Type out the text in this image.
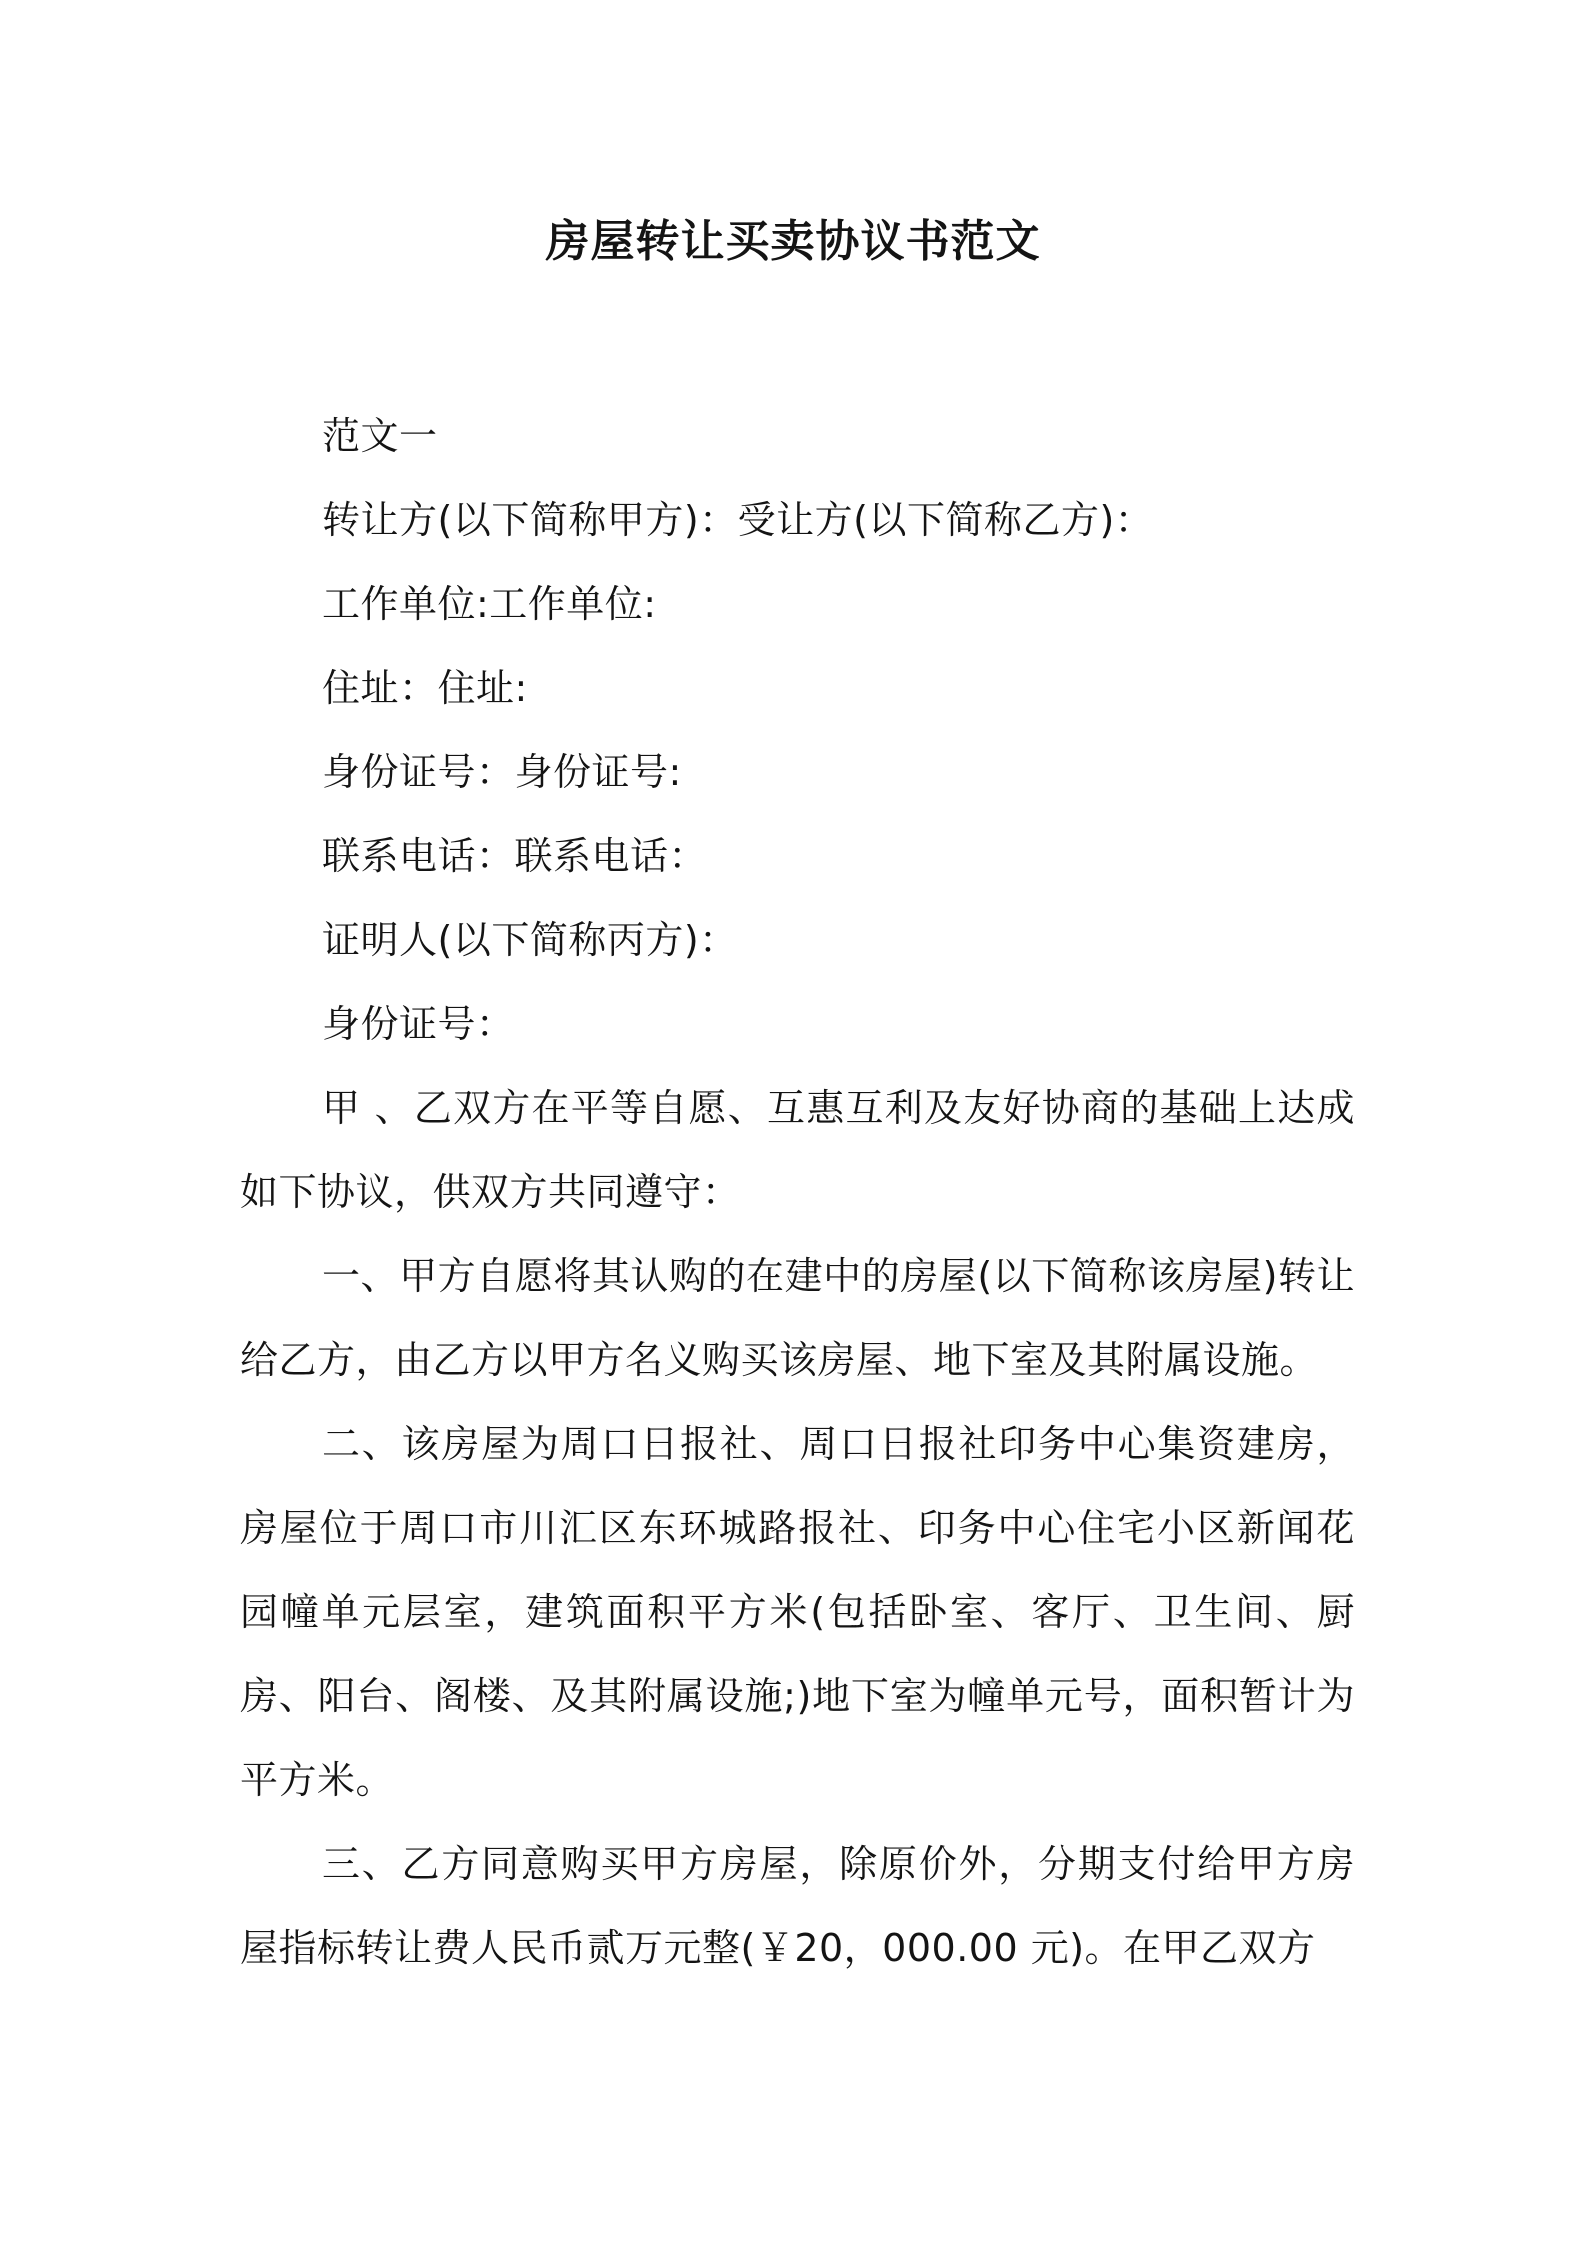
房屋转让买卖协议书范文
范文一
转让方(以下简称甲方)：受让方(以下简称乙方)：
工作单位:工作单位:
住址：住址:
身份证号：身份证号:
联系电话：联系电话：
证明人(以下简称丙方)：
身份证号：

甲 、乙双方在平等自愿、互惠互利及友好协商的基础上达成如下协议，供双方共同遵守：

一、甲方自愿将其认购的在建中的房屋(以下简称该房屋)转让给乙方，由乙方以甲方名义购买该房屋、地下室及其附属设施。

二、该房屋为周口日报社、周口日报社印务中心集资建房，房屋位于周口市川汇区东环城路报社、印务中心住宅小区新闻花园幢单元层室，建筑面积平方米(包括卧室、客厅、卫生间、厨房、阳台、阁楼、及其附属设施;)地下室为幢单元号，面积暂计为平方米。

三、乙方同意购买甲方房屋，除原价外，分期支付给甲方房屋指标转让费人民币贰万元整(￥20，000.00 元)。在甲乙双方
